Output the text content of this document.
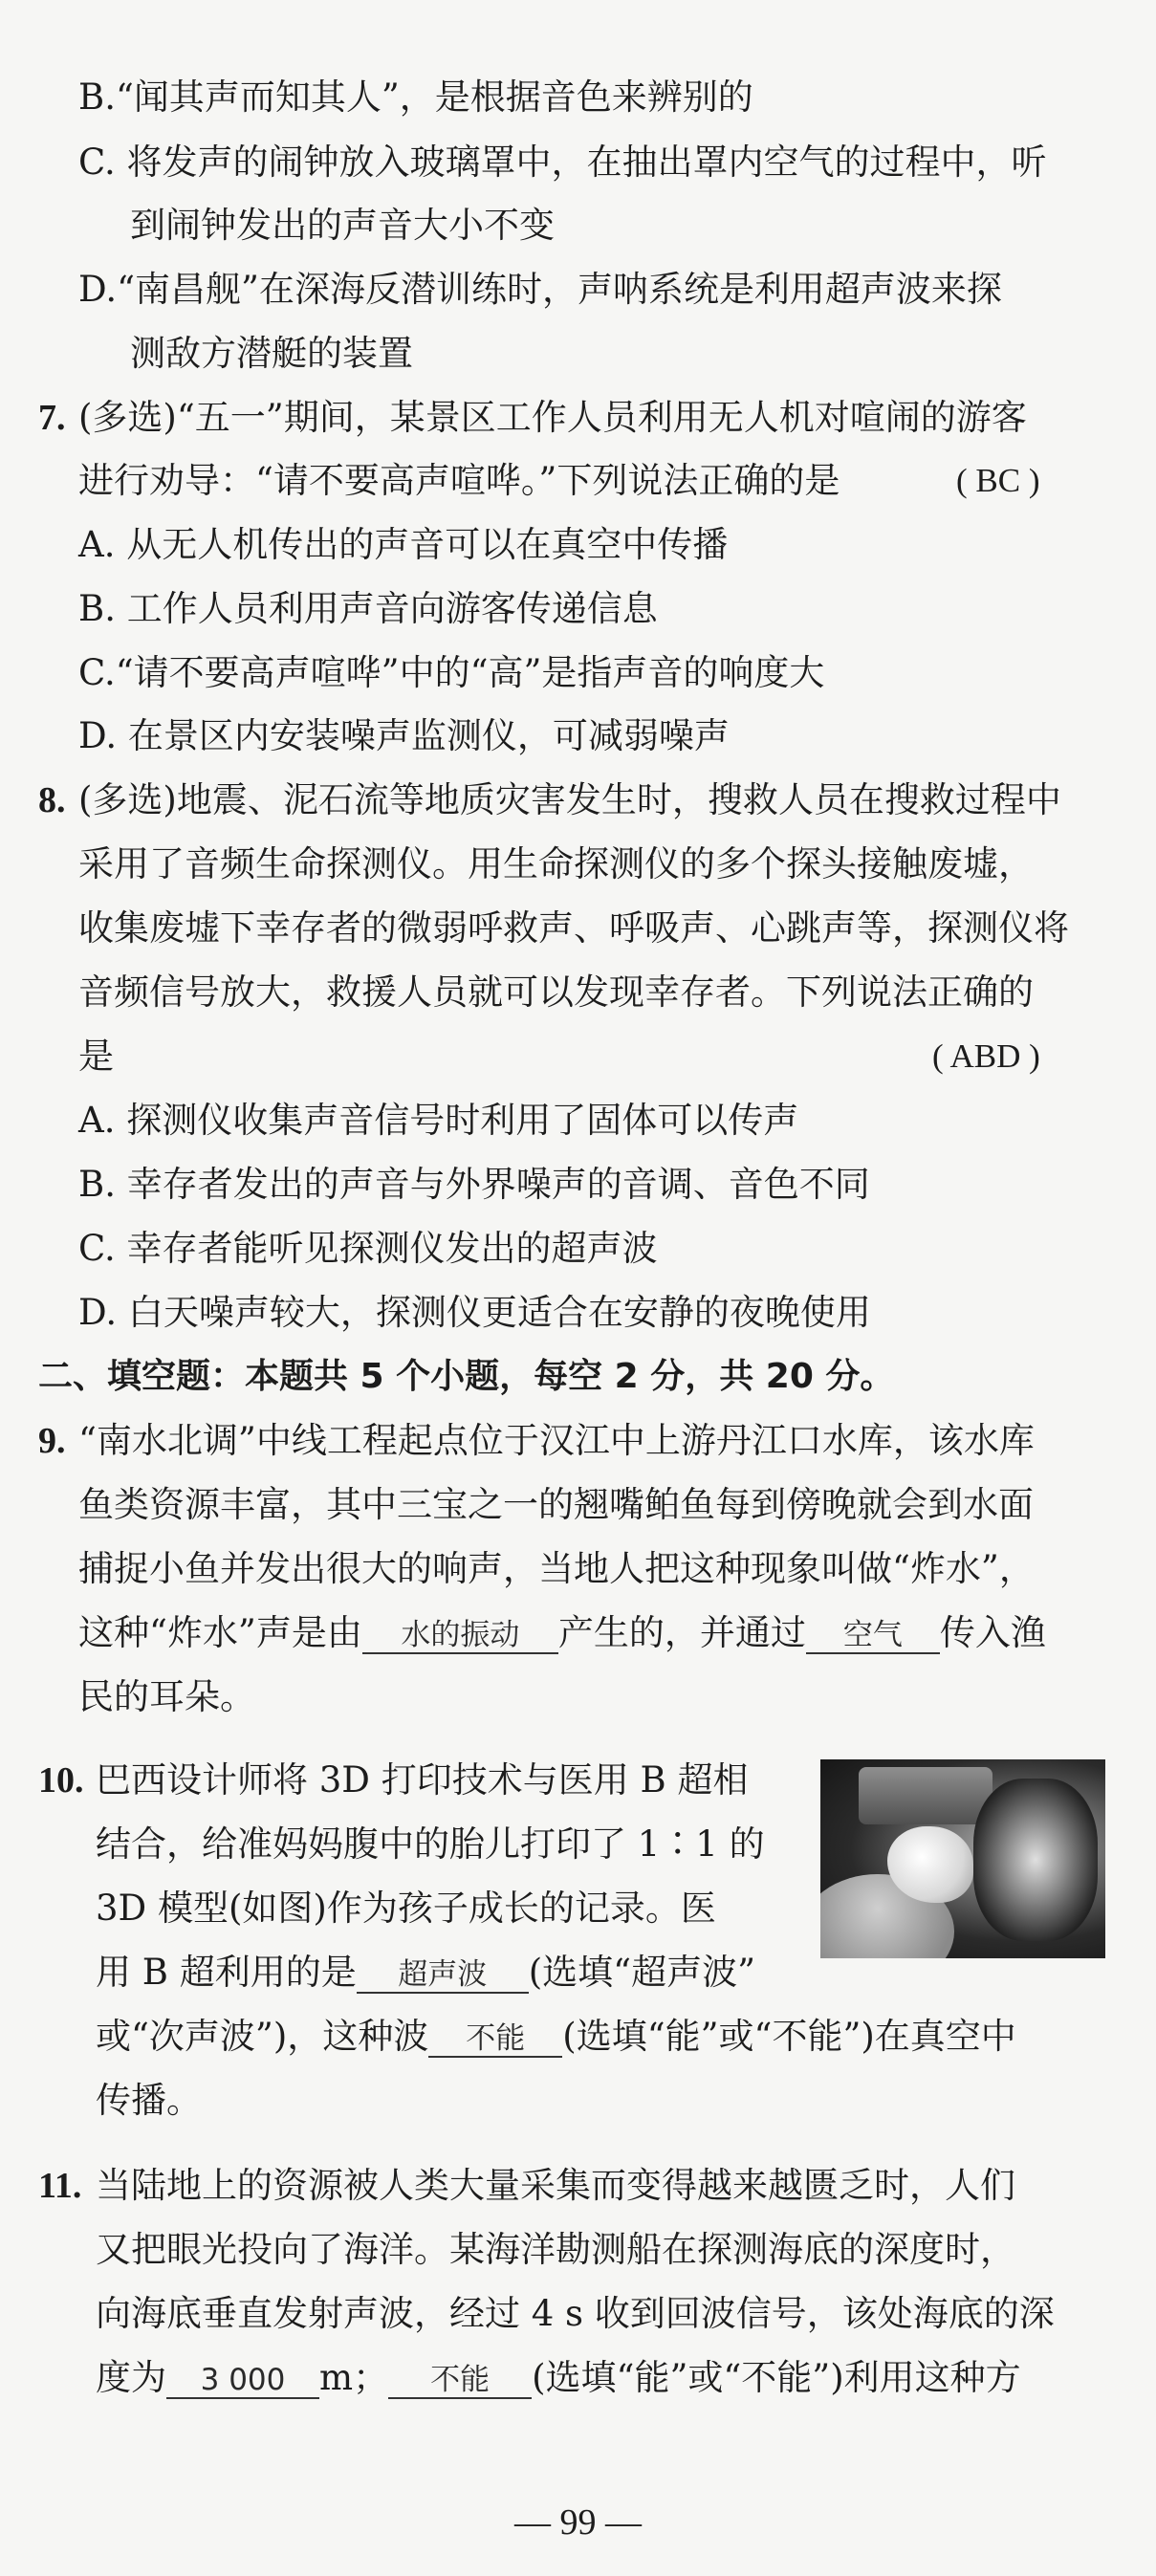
B.“闻其声而知其人”，是根据音色来辨别的
C. 将发声的闹钟放入玻璃罩中，在抽出罩内空气的过程中，听
到闹钟发出的声音大小不变
D.“南昌舰”在深海反潜训练时，声呐系统是利用超声波来探
测敌方潜艇的装置
7. (多选)“五一”期间，某景区工作人员利用无人机对喧闹的游客
进行劝导：“请不要高声喧哗。”下列说法正确的是	( BC )
A. 从无人机传出的声音可以在真空中传播
B. 工作人员利用声音向游客传递信息
C.“请不要高声喧哗”中的“高”是指声音的响度大
D. 在景区内安装噪声监测仪，可减弱噪声
8. (多选)地震、泥石流等地质灾害发生时，搜救人员在搜救过程中
采用了音频生命探测仪。用生命探测仪的多个探头接触废墟，
收集废墟下幸存者的微弱呼救声、呼吸声、心跳声等，探测仪将
音频信号放大，救援人员就可以发现幸存者。下列说法正确的
是	( ABD )
A. 探测仪收集声音信号时利用了固体可以传声
B. 幸存者发出的声音与外界噪声的音调、音色不同
C. 幸存者能听见探测仪发出的超声波
D. 白天噪声较大，探测仪更适合在安静的夜晚使用
二、填空题：本题共 5 个小题，每空 2 分，共 20 分。
9. “南水北调”中线工程起点位于汉江中上游丹江口水库，该水库
鱼类资源丰富，其中三宝之一的翘嘴鲌鱼每到傍晚就会到水面
捕捉小鱼并发出很大的响声，当地人把这种现象叫做“炸水”，
这种“炸水”声是由 水的振动 产生的，并通过 空气 传入渔
民的耳朵。
10. 巴西设计师将 3D 打印技术与医用 B 超相
结合，给准妈妈腹中的胎儿打印了 1∶1 的
3D 模型(如图)作为孩子成长的记录。医
用 B 超利用的是 超声波 (选填“超声波”
或“次声波”)，这种波 不能 (选填“能”或“不能”)在真空中
传播。
11. 当陆地上的资源被人类大量采集而变得越来越匮乏时，人们
又把眼光投向了海洋。某海洋勘测船在探测海底的深度时，
向海底垂直发射声波，经过 4 s 收到回波信号，该处海底的深
度为 3 000 m； 不能 (选填“能”或“不能”)利用这种方
— 99 —
